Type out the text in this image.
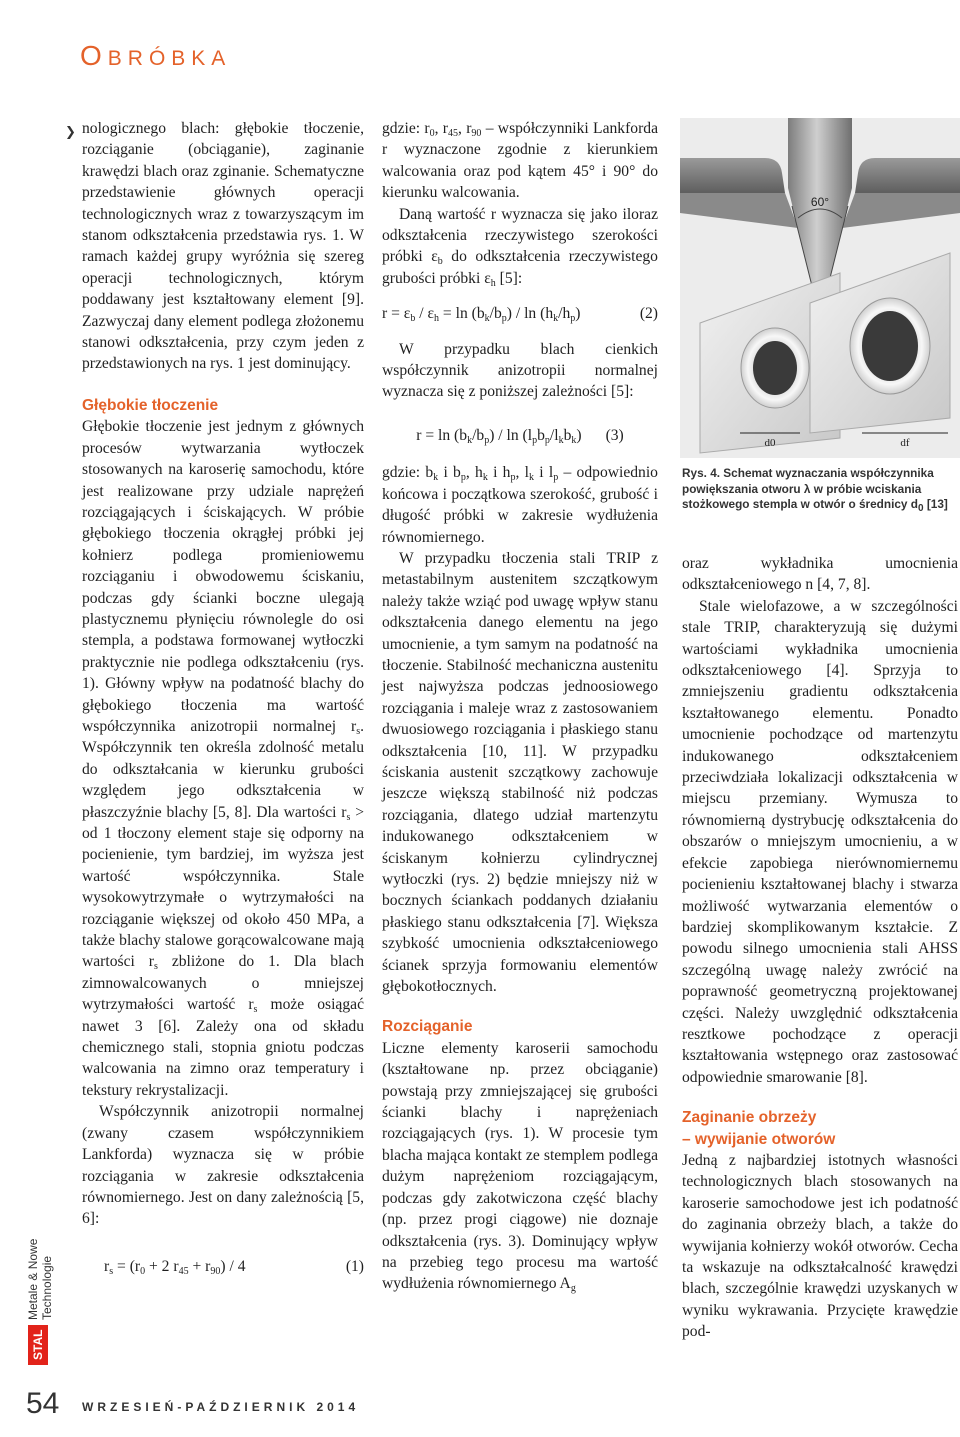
OBRÓBKA
❯ nologicznego blach: głębokie tłoczenie, rozciąganie (obciąganie), zaginanie krawędzi blach oraz zginanie. Schematyczne przedstawienie głównych operacji technologicznych wraz z towarzyszącym im stanom odkształcenia przedstawia rys. 1. W ramach każdej grupy wyróżnia się szereg operacji technologicznych, którym poddawany jest kształtowany element [9]. Zazwyczaj dany element podlega złożonemu stanowi odkształcenia, przy czym jeden z przedstawionych na rys. 1 jest dominujący.

Głębokie tłoczenie

Głębokie tłoczenie jest jednym z głównych procesów wytwarzania wytłoczek stosowanych na karoserię samochodu, które jest realizowane przy udziale naprężeń rozciągających i ściskających. W próbie głębokiego tłoczenia okrągłej próbki jej kołnierz podlega promieniowemu rozciąganiu i obwodowemu ściskaniu, podczas gdy ścianki boczne ulegają plastycznemu płynięciu równolegle do osi stempla, a podstawa formowanej wytłoczki praktycznie nie podlega odkształceniu (rys. 1). Główny wpływ na podatność blachy do głębokiego tłoczenia ma wartość współczynnika anizotropii normalnej $r_s$. Współczynnik ten określa zdolność metalu do odkształcania w kierunku grubości względem jego odkształcenia w płaszczyźnie blachy [5, 8]. Dla wartości $r_s$ > od 1 tłoczony element staje się odporny na pocienienie, tym bardziej, im wyższa jest wartość współczynnika. Stale wysokowytrzymałe o wytrzymałości na rozciąganie większej od około 450 MPa, a także blachy stalowe gorącowalcowane mają wartości $r_s$ zbliżone do 1. Dla blach zimnowalcowanych o mniejszej wytrzymałości wartość $r_s$ może osiągać nawet 3 [6]. Zależy ona od składu chemicznego stali, stopnia gniotu podczas walcowania na zimno oraz temperatury i tekstury rekrystalizacji.

Współczynnik anizotropii normalnej (zwany czasem współczynnikiem Lankforda) wyznacza się w próbie rozciągania w zakresie odkształcenia równomiernego. Jest on dany zależnością [5, 6]:

$r_s = (r_0 + 2$ $r_{45} + r_{90}) / 4$	(1)

gdzie: $r_0$, $r_{45}$, $r_{90}$ – współczynniki Lankforda r wyznaczone zgodnie z kierunkiem walcowania oraz pod kątem 45° i 90° do kierunku walcowania.

Daną wartość r wyznacza się jako iloraz odkształcenia rzeczywistego szerokości próbki $\varepsilon_b$ do odkształcenia rzeczywistego grubości próbki $\varepsilon_h$ [5]:

$r = \varepsilon_b / \varepsilon_h = \ln (b_k/b_p) / \ln (h_k/h_p)$	(2)

W przypadku blach cienkich współczynnik anizotropii normalnej wyznacza się z poniższej zależności [5]:

$r = \ln (b_k/b_p) / \ln (l_pb_p/l_kb_k)$ (3)

gdzie: $b_k$ i $b_p$, $h_k$ i $h_p$, $l_k$ i $l_p$ – odpowiednio końcowa i początkowa szerokość, grubość i długość próbki w zakresie wydłużenia równomiernego.

W przypadku tłoczenia stali TRIP z metastabilnym austenitem szczątkowym należy także wziąć pod uwagę wpływ stanu odkształcenia danego elementu na jego umocnienie, a tym samym na podatność na tłoczenie. Stabilność mechaniczna austenitu jest najwyższa podczas jednoosiowego rozciągania i maleje wraz z zastosowaniem dwuosiowego rozciągania i płaskiego stanu odkształcenia [10, 11]. W przypadku ściskania austenit szczątkowy zachowuje jeszcze większą stabilność niż podczas rozciągania, dlatego udział martenzytu indukowanego odkształceniem w ściskanym kołnierzu cylindrycznej wytłoczki (rys. 2) będzie mniejszy niż w bocznych ściankach poddanych działaniu płaskiego stanu odkształcenia [7]. Większa szybkość umocnienia odkształceniowego ścianek sprzyja formowaniu elementów głębokotłocznych.

Rozciąganie

Liczne elementy karoserii samochodu (kształtowane np. przez obciąganie) powstają przy zmniejszającej się grubości ścianki blachy i naprężeniach rozciągających (rys. 1). W procesie tym blacha mająca kontakt ze stemplem podlega dużym naprężeniom rozciągającym, podczas gdy zakotwiczona część blachy (np. przez progi ciągowe) nie doznaje odkształcenia (rys. 3). Dominujący wpływ na przebieg tego procesu ma wartość wydłużenia równomiernego $A_g$

60°
d0	df
Rys. 4. Schemat wyznaczania współczynnika powiększania otworu λ w próbie wciskania stożkowego stempla w otwór o średnicy $d_0$ [13]

oraz wykładnika umocnienia odkształceniowego n [4, 7, 8].

Stale wielofazowe, a w szczególności stale TRIP, charakteryzują się dużymi wartościami wykładnika umocnienia odkształceniowego [4]. Sprzyja to zmniejszeniu gradientu odkształcenia kształtowanego elementu. Ponadto umocnienie pochodzące od martenzytu indukowanego odkształceniem przeciwdziała lokalizacji odkształcenia w miejscu przemiany. Wymusza to równomierną dystrybucję odkształcenia do obszarów o mniejszym umocnieniu, a w efekcie zapobiega nierównomiernemu pocienieniu kształtowanej blachy i stwarza możliwość wytwarzania elementów o bardziej skomplikowanym kształcie. Z powodu silnego umocnienia stali AHSS szczególną uwagę należy zwrócić na poprawność geometryczną projektowanej części. Należy uwzględnić odkształcenia resztkowe pochodzące z operacji kształtowania wstępnego oraz zastosować odpowiednie smarowanie [8].

Zaginanie obrzeży
– wywijanie otworów

Jedną z najbardziej istotnych własności technologicznych blach stosowanych na karoserie samochodowe jest ich podatność do zaginania obrzeży blach, a także do wywijania kołnierzy wokół otworów. Cecha ta wskazuje na odkształcalność krawędzi blach, szczególnie krawędzi uzyskanych w wyniku wykrawania. Przycięte krawędzie pod-

Metale & Nowe Technologie
STAL
54 WRZESIEŃ-PAŹDZIERNIK 2014
